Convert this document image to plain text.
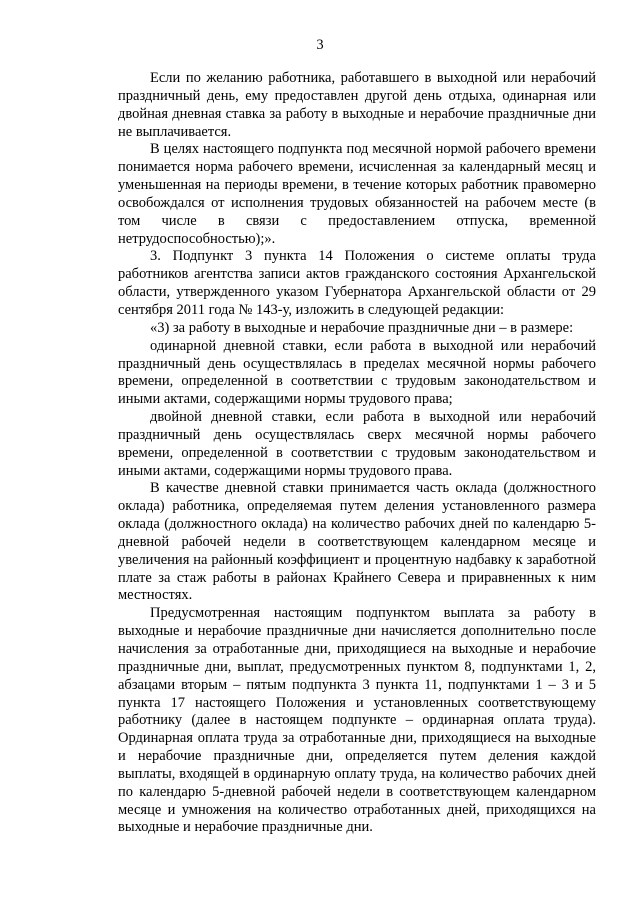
3

Если по желанию работника, работавшего в выходной или нерабочий праздничный день, ему предоставлен другой день отдыха, одинарная или двойная дневная ставка за работу в выходные и нерабочие праздничные дни не выплачивается.

В целях настоящего подпункта под месячной нормой рабочего времени понимается норма рабочего времени, исчисленная за календарный месяц и уменьшенная на периоды времени, в течение которых работник правомерно освобождался от исполнения трудовых обязанностей на рабочем месте (в том числе в связи с предоставлением отпуска, временной нетрудоспособностью);».

3. Подпункт 3 пункта 14 Положения о системе оплаты труда работников агентства записи актов гражданского состояния Архангельской области, утвержденного указом Губернатора Архангельской области от 29 сентября 2011 года № 143-у, изложить в следующей редакции:

«3) за работу в выходные и нерабочие праздничные дни – в размере:

одинарной дневной ставки, если работа в выходной или нерабочий праздничный день осуществлялась в пределах месячной нормы рабочего времени, определенной в соответствии с трудовым законодательством и иными актами, содержащими нормы трудового права;

двойной дневной ставки, если работа в выходной или нерабочий праздничный день осуществлялась сверх месячной нормы рабочего времени, определенной в соответствии с трудовым законодательством и иными актами, содержащими нормы трудового права.

В качестве дневной ставки принимается часть оклада (должностного оклада) работника, определяемая путем деления установленного размера оклада (должностного оклада) на количество рабочих дней по календарю 5-дневной рабочей недели в соответствующем календарном месяце и увеличения на районный коэффициент и процентную надбавку к заработной плате за стаж работы в районах Крайнего Севера и приравненных к ним местностях.

Предусмотренная настоящим подпунктом выплата за работу в выходные и нерабочие праздничные дни начисляется дополнительно после начисления за отработанные дни, приходящиеся на выходные и нерабочие праздничные дни, выплат, предусмотренных пунктом 8, подпунктами 1, 2, абзацами вторым – пятым подпункта 3 пункта 11, подпунктами 1 – 3 и 5 пункта 17 настоящего Положения и установленных соответствующему работнику (далее в настоящем подпункте – ординарная оплата труда). Ординарная оплата труда за отработанные дни, приходящиеся на выходные и нерабочие праздничные дни, определяется путем деления каждой выплаты, входящей в ординарную оплату труда, на количество рабочих дней по календарю 5-дневной рабочей недели в соответствующем календарном месяце и умножения на количество отработанных дней, приходящихся на выходные и нерабочие праздничные дни.
